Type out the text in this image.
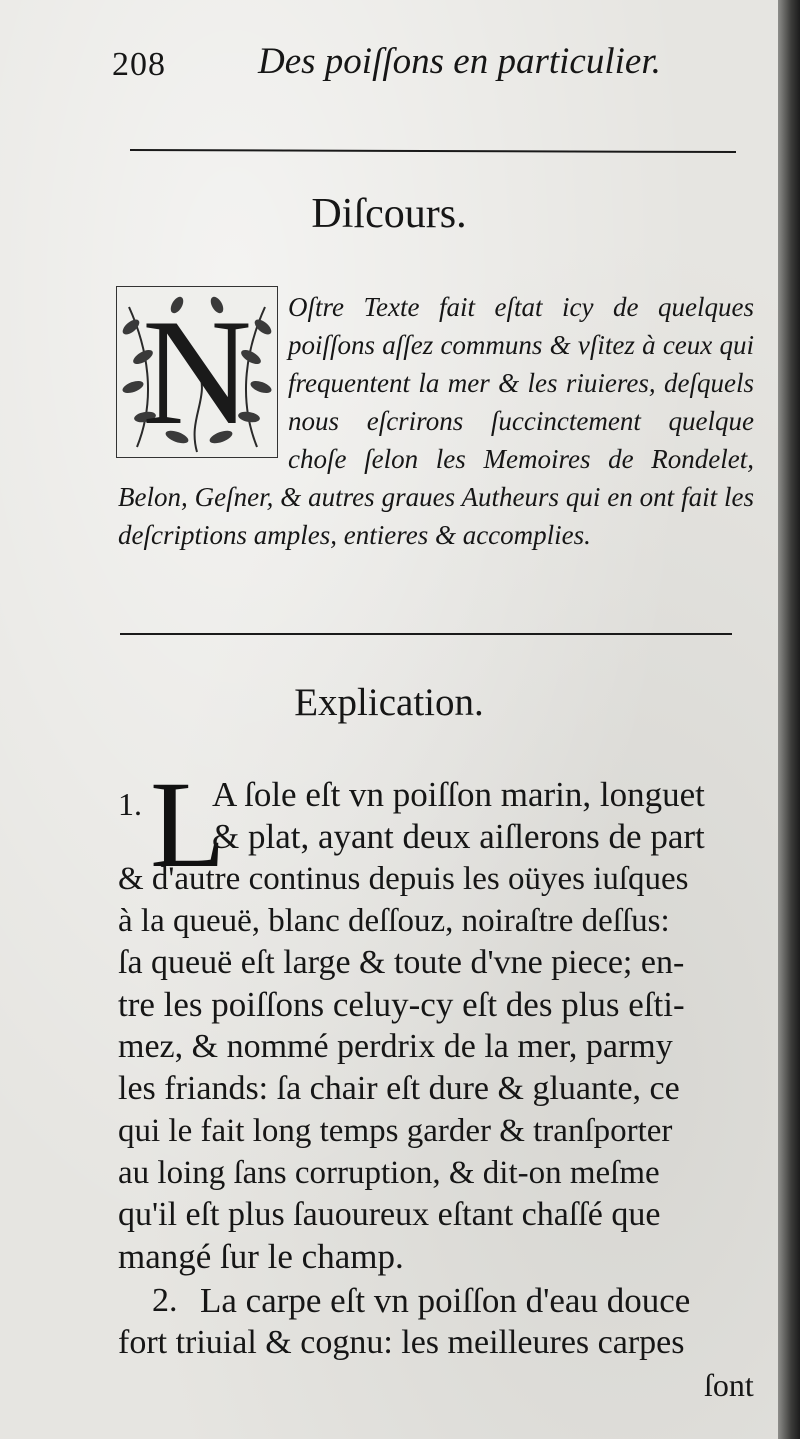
208 Des poiſſons en particulier.
Diſcours.
N	Oſtre Texte fait eſtat icy de quelques poiſſons aſſez communs & vſitez à ceux qui frequentent la mer & les riuieres, deſquels nous eſcrirons ſuccinctement quelque choſe ſelon les Memoires de Rondelet, Belon, Geſner, & autres graues Autheurs qui en ont fait les deſcriptions amples, entieres & accomplies.
Explication.
1. L
A ſole eſt vn poiſſon marin, longuet
& plat, ayant deux aiſlerons de part
& d'autre continus depuis les oüyes iuſques
à la queuë, blanc deſſouz, noiraſtre deſſus:
ſa queuë eſt large & toute d'vne piece; en-
tre les poiſſons celuy-cy eſt des plus eſti-
mez, & nommé perdrix de la mer, parmy
les friands: ſa chair eſt dure & gluante, ce
qui le fait long temps garder & tranſporter
au loing ſans corruption, & dit-on meſme
qu'il eſt plus ſauoureux eſtant chaſſé que
mangé ſur le champ.
2. La carpe eſt vn poiſſon d'eau douce
fort triuial & cognu: les meilleures carpes
ſont
